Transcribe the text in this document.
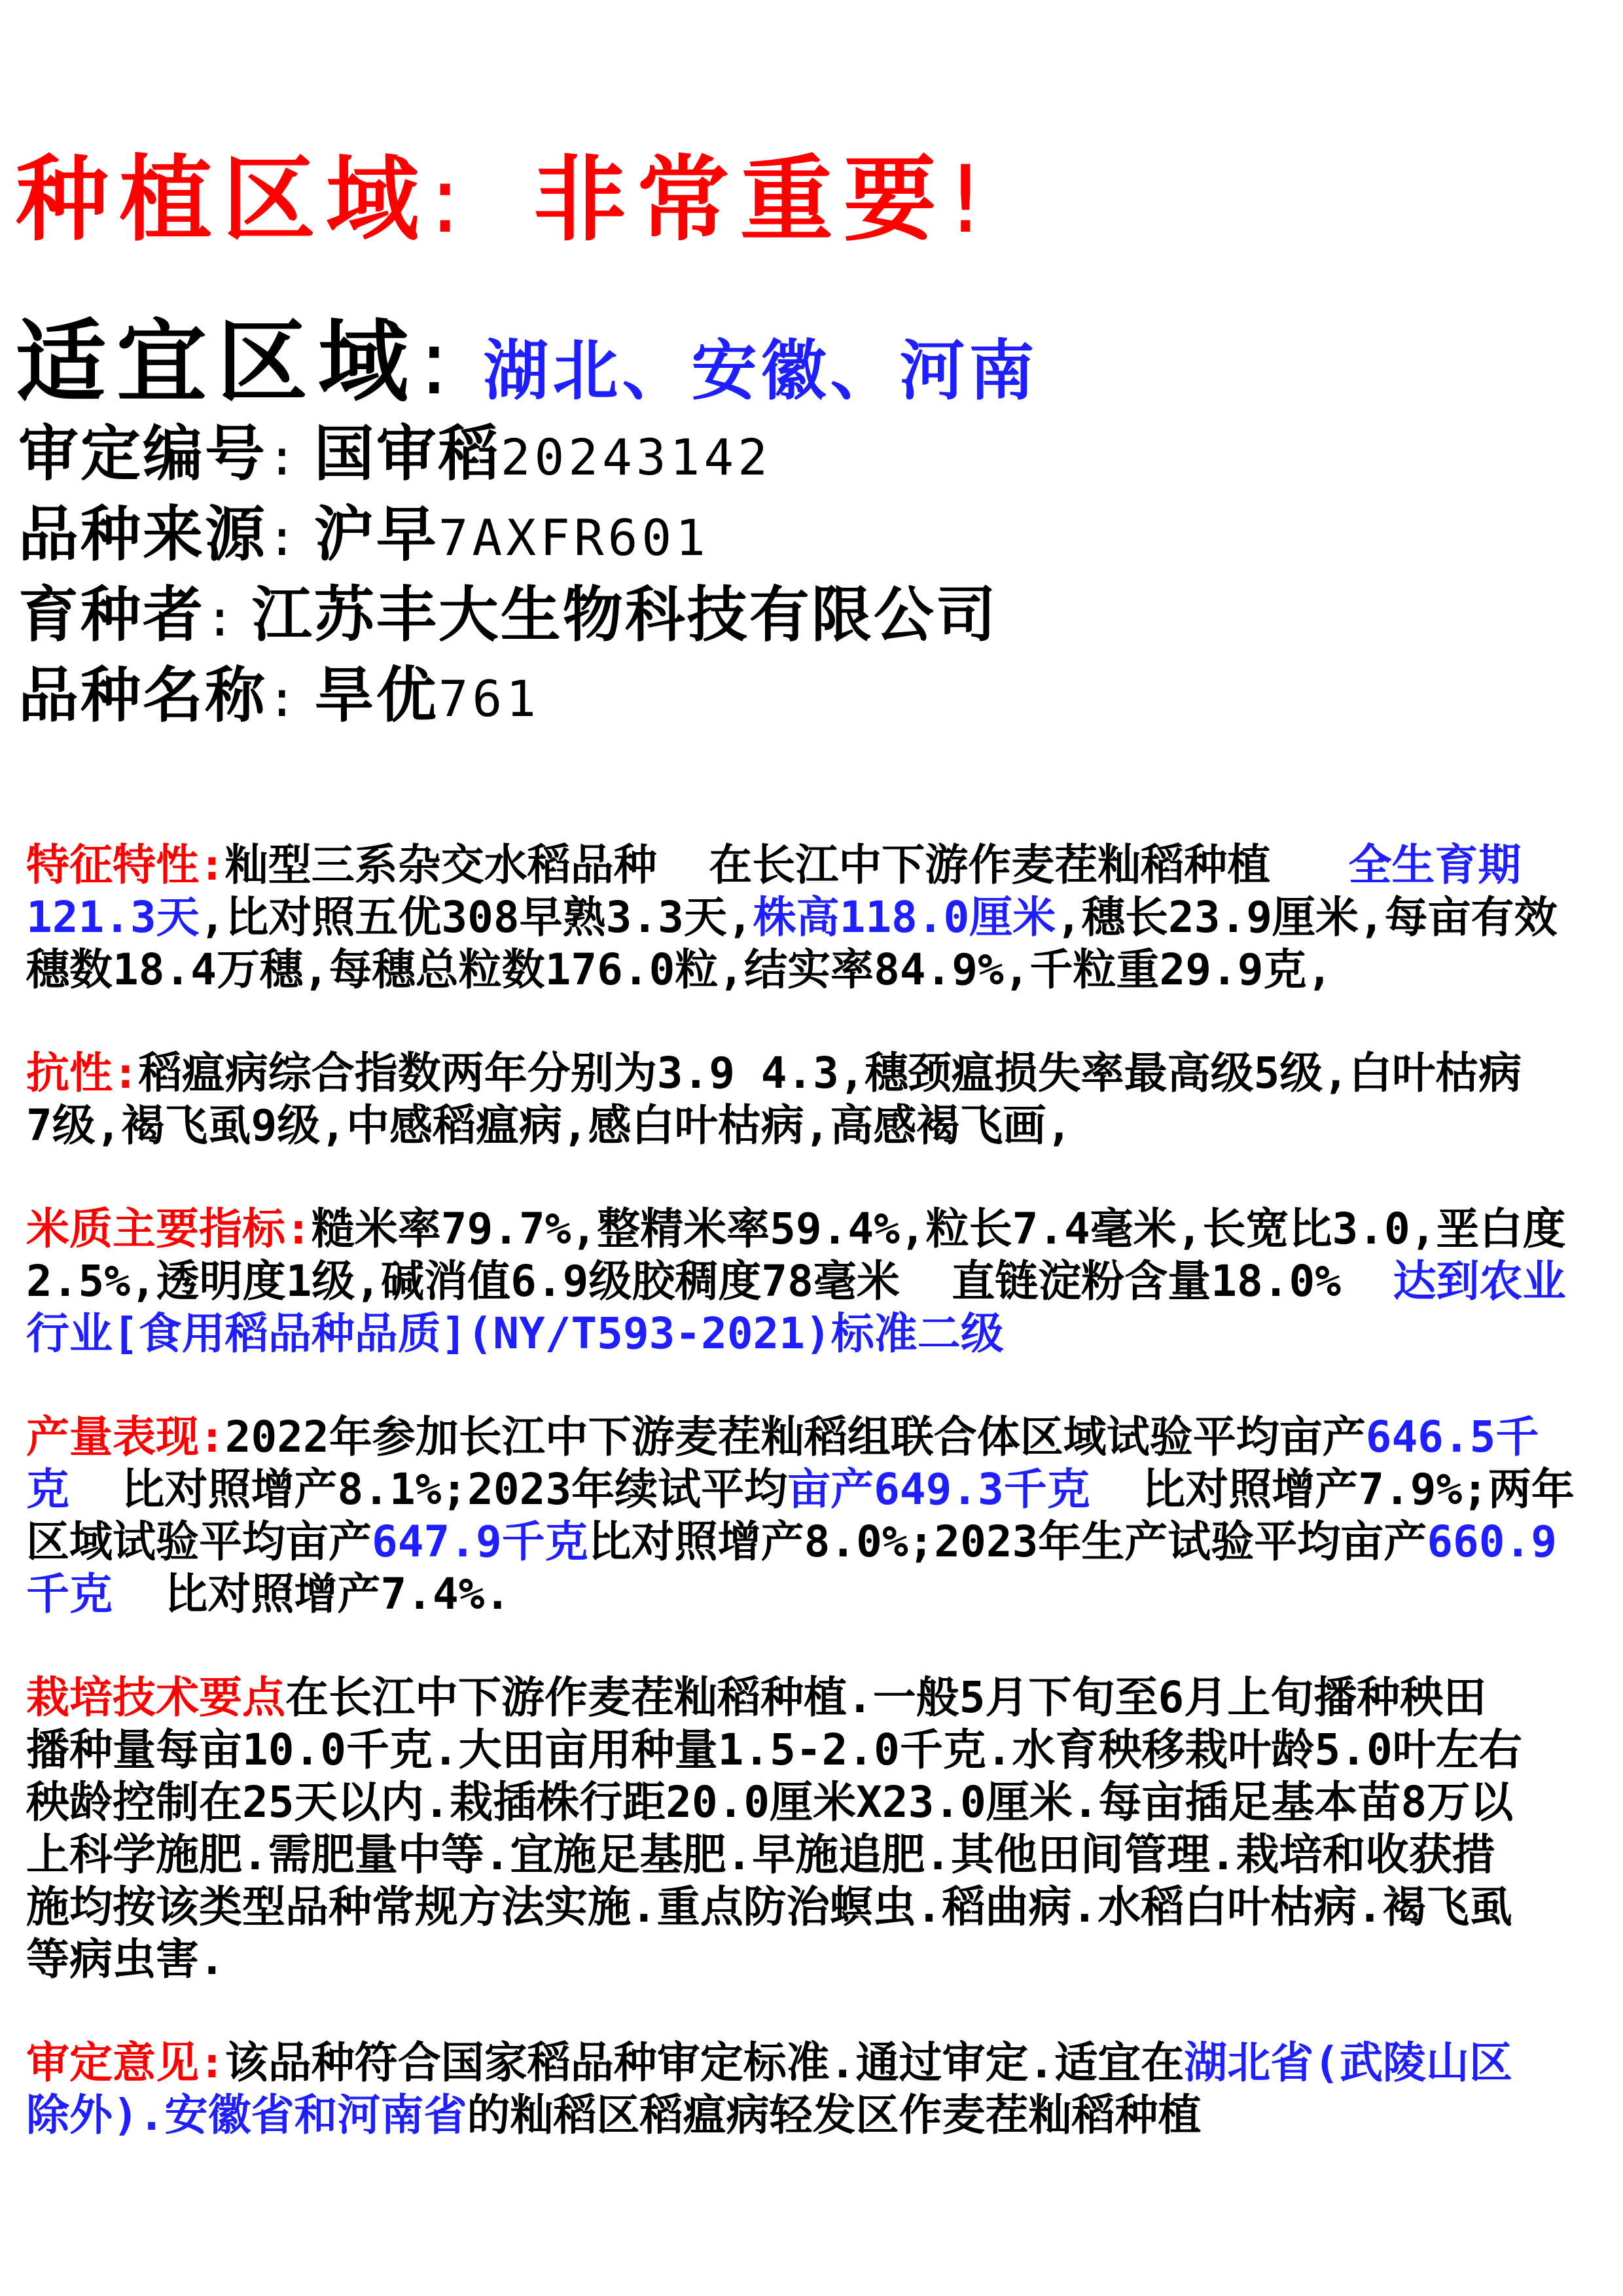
种植区域: 非常重要!
适宜区域: 湖北、安徽、河南
审定编号: 国审稻20243142
品种来源: 沪早7AXFR601
育种者: 江苏丰大生物科技有限公司
品种名称: 旱优761
特征特性:籼型三系杂交水稻品种  在长江中下游作麦茬籼稻种植   全生育期
121.3天,比对照五优308早熟3.3天,株高118.0厘米,穗长23.9厘米,每亩有效
穗数18.4万穗,每穗总粒数176.0粒,结实率84.9%,千粒重29.9克,
抗性:稻瘟病综合指数两年分别为3.9 4.3,穗颈瘟损失率最高级5级,白叶枯病
7级,褐飞虱9级,中感稻瘟病,感白叶枯病,高感褐飞画,
米质主要指标:糙米率79.7%,整精米率59.4%,粒长7.4毫米,长宽比3.0,垩白度
2.5%,透明度1级,碱消值6.9级胶稠度78毫米  直链淀粉含量18.0%  达到农业
行业[食用稻品种品质](NY/T593-2021)标准二级
产量表现:2022年参加长江中下游麦茬籼稻组联合体区域试验平均亩产646.5千
克  比对照增产8.1%;2023年续试平均亩产649.3千克  比对照增产7.9%;两年
区域试验平均亩产647.9千克比对照增产8.0%;2023年生产试验平均亩产660.9
千克  比对照增产7.4%.
栽培技术要点在长江中下游作麦茬籼稻种植.一般5月下旬至6月上旬播种秧田
播种量每亩10.0千克.大田亩用种量1.5-2.0千克.水育秧移栽叶龄5.0叶左右
秧龄控制在25天以内.栽插株行距20.0厘米X23.0厘米.每亩插足基本苗8万以
上科学施肥.需肥量中等.宜施足基肥.早施追肥.其他田间管理.栽培和收获措
施均按该类型品种常规方法实施.重点防治螟虫.稻曲病.水稻白叶枯病.褐飞虱
等病虫害.
审定意见:该品种符合国家稻品种审定标准.通过审定.适宜在湖北省(武陵山区
除外).安徽省和河南省的籼稻区稻瘟病轻发区作麦茬籼稻种植
